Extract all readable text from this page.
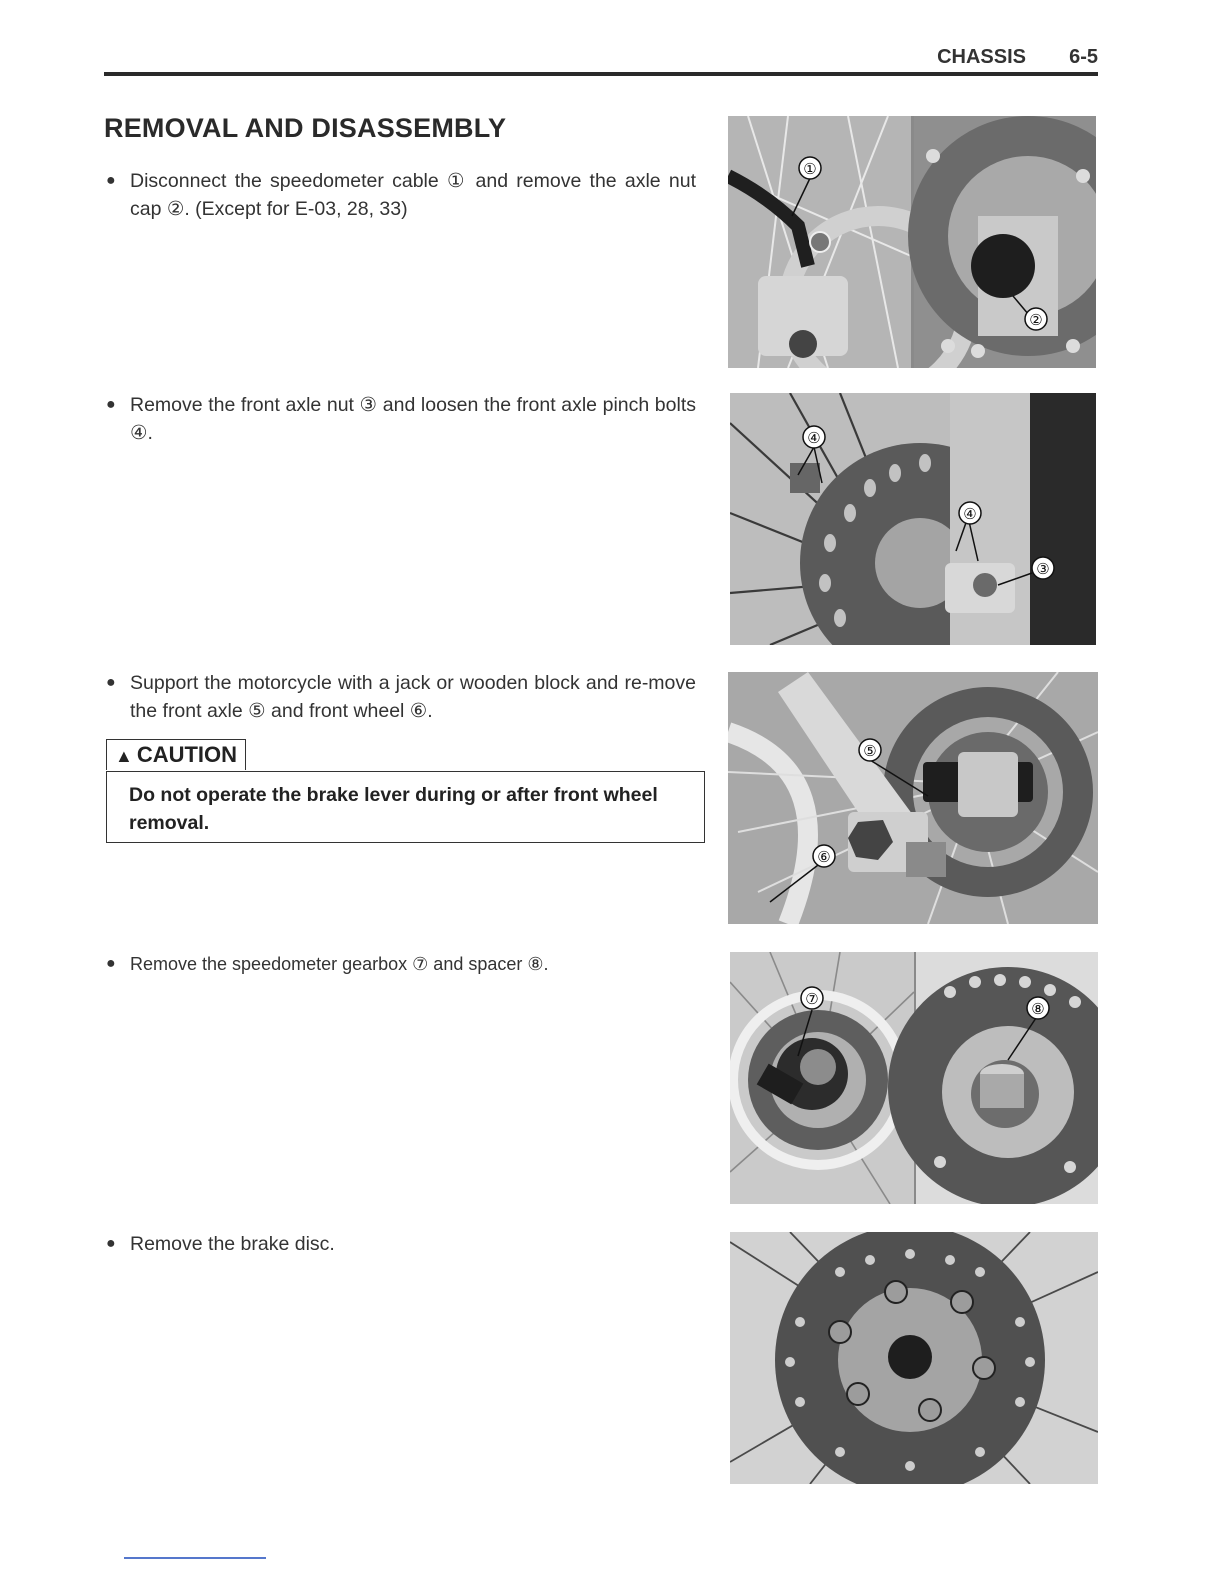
CHASSIS 6-5
REMOVAL AND DISASSEMBLY
● Disconnect the speedometer cable ① and remove the axle nut cap ②. (Except for E-03, 28, 33)
● Remove the front axle nut ③ and loosen the front axle pinch bolts ④.
● Support the motorcycle with a jack or wooden block and re-move the front axle ⑤ and front wheel ⑥.
▲ CAUTION
Do not operate the brake lever during or after front wheel removal.
● Remove the speedometer gearbox ⑦ and spacer ⑧.
● Remove the brake disc.
①
②
④
④
③
⑤
⑥
⑦
⑧
